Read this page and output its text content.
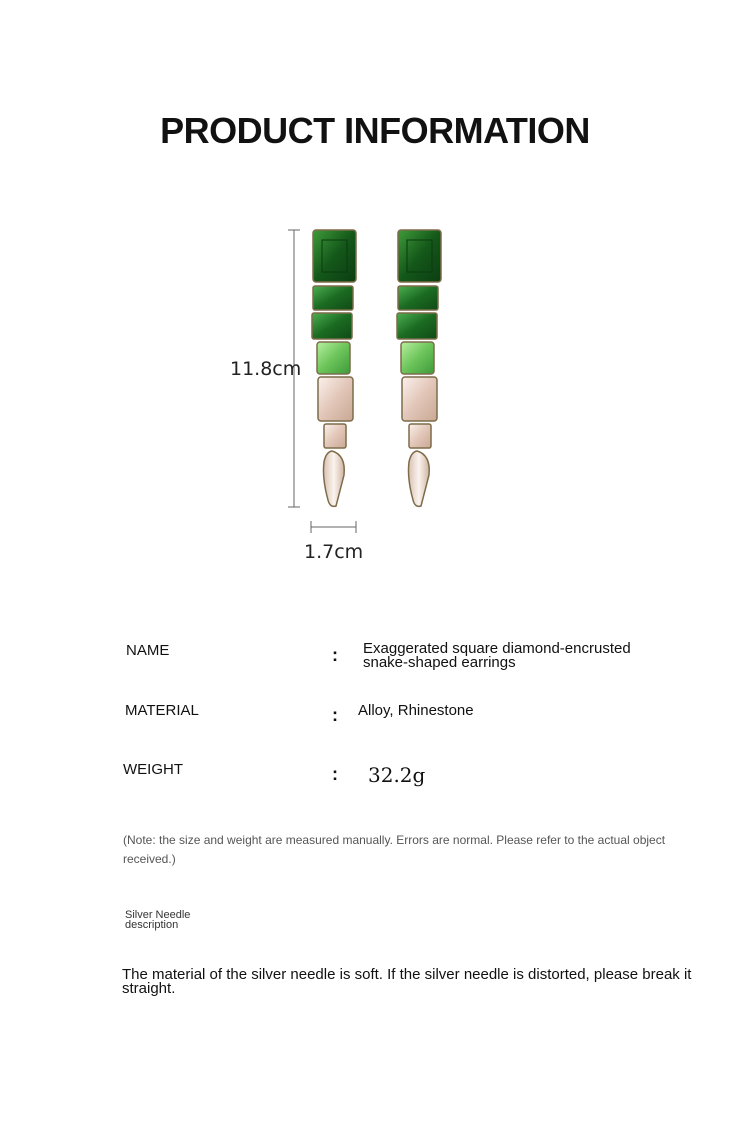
PRODUCT INFORMATION
11.8cm
1.7cm
NAME	: Exaggerated square diamond-encrusted snake-shaped earrings
MATERIAL	: Alloy, Rhinestone
WEIGHT	: 32.2g
(Note: the size and weight are measured manually. Errors are normal. Please refer to the actual object received.)
Silver Needle description
The material of the silver needle is soft. If the silver needle is distorted, please break it straight.
